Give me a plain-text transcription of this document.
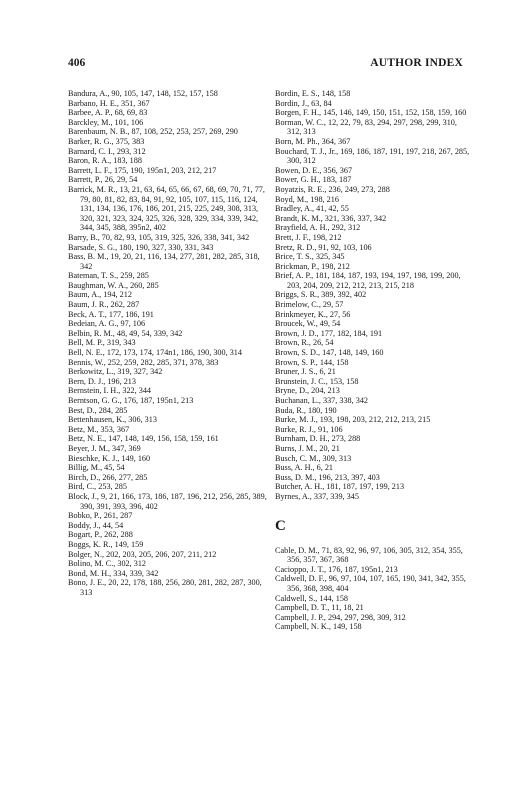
406	AUTHOR INDEX

Bandura, A., 90, 105, 147, 148, 152, 157, 158

Barbano, H. E., 351, 367

Barbee, A. P., 68, 69, 83

Barckley, M., 101, 106

Barenbaum, N. B., 87, 108, 252, 253, 257, 269, 290

Barker, R. G., 375, 383

Barnard, C. I., 293, 312

Baron, R. A., 183, 188

Barrett, L. F., 175, 190, 195n1, 203, 212, 217

Barrett, P., 26, 29, 54

Barrick, M. R., 13, 21, 63, 64, 65, 66, 67, 68, 69, 70, 71, 77, 79, 80, 81, 82, 83, 84, 91, 92, 105, 107, 115, 116, 124, 131, 134, 136, 176, 186, 201, 215, 225, 249, 308, 313, 320, 321, 323, 324, 325, 326, 328, 329, 334, 339, 342, 344, 345, 388, 395n2, 402

Barry, B., 70, 82, 93, 105, 319, 325, 326, 338, 341, 342

Barsade, S. G., 180, 190, 327, 330, 331, 343

Bass, B. M., 19, 20, 21, 116, 134, 277, 281, 282, 285, 318, 342

Bateman, T. S., 259, 285

Baughman, W. A., 260, 285

Baum, A., 194, 212

Baum, J. R., 262, 287

Beck, A. T., 177, 186, 191

Bedeian, A. G., 97, 106

Belbin, R. M., 48, 49, 54, 339, 342

Bell, M. P., 319, 343

Bell, N. E., 172, 173, 174, 174n1, 186, 190, 300, 314

Bennis, W., 252, 259, 282, 285, 371, 378, 383

Berkowitz, L., 319, 327, 342

Bern, D. J., 196, 213

Bernstein, I. H., 322, 344

Berntson, G. G., 176, 187, 195n1, 213

Best, D., 284, 285

Bettenhausen, K., 306, 313

Betz, M., 353, 367

Betz, N. E., 147, 148, 149, 156, 158, 159, 161

Beyer, J. M., 347, 369

Bieschke, K. J., 149, 160

Billig, M., 45, 54

Birch, D., 266, 277, 285

Bird, C., 253, 285

Block, J., 9, 21, 166, 173, 186, 187, 196, 212, 256, 285, 389, 390, 391, 393, 396, 402

Bobko, P., 261, 287

Boddy, J., 44, 54

Bogart, P., 262, 288

Boggs, K. R., 149, 159

Bolger, N., 202, 203, 205, 206, 207, 211, 212

Bolino, M. C., 302, 312

Bond, M. H., 334, 339, 342

Bono, J. E., 20, 22, 178, 188, 256, 280, 281, 282, 287, 300, 313

Bordin, E. S., 148, 158

Bordin, J., 63, 84

Borgen, F. H., 145, 146, 149, 150, 151, 152, 158, 159, 160

Borman, W. C., 12, 22, 79, 83, 294, 297, 298, 299, 310, 312, 313

Born, M. Ph., 364, 367

Bouchard, T. J., Jr., 169, 186, 187, 191, 197, 218, 267, 285, 300, 312

Bowen, D. E., 356, 367

Bower, G. H., 183, 187

Boyatzis, R. E., 236, 249, 273, 288

Boyd, M., 198, 216

Bradley, A., 41, 42, 55

Brandt, K. M., 321, 336, 337, 342

Brayfield, A. H., 292, 312

Brett, J. F., 198, 212

Bretz, R. D., 91, 92, 103, 106

Brice, T. S., 325, 345

Brickman, P., 198, 212

Brief, A. P., 181, 184, 187, 193, 194, 197, 198, 199, 200, 203, 204, 209, 212, 212, 213, 215, 218

Briggs, S. R., 389, 392, 402

Brimelow, C., 29, 57

Brinkmeyer, K., 27, 56

Broucek, W., 49, 54

Brown, J. D., 177, 182, 184, 191

Brown, R., 26, 54

Brown, S. D., 147, 148, 149, 160

Brown, S. P., 144, 158

Bruner, J. S., 6, 21

Brunstein, J. C., 153, 158

Bryne, D., 204, 213

Buchanan, L., 337, 338, 342

Buda, R., 180, 190

Burke, M. J., 193, 198, 203, 212, 212, 213, 215

Burke, R. J., 91, 106

Burnham, D. H., 273, 288

Burns, J. M., 20, 21

Busch, C. M., 309, 313

Buss, A. H., 6, 21

Buss, D. M., 196, 213, 397, 403

Butcher, A. H., 181, 187, 197, 199, 213

Byrnes, A., 337, 339, 345

C

Cable, D. M., 71, 83, 92, 96, 97, 106, 305, 312, 354, 355, 356, 357, 367, 368

Cacioppo, J. T., 176, 187, 195n1, 213

Caldwell, D. F., 96, 97, 104, 107, 165, 190, 341, 342, 355, 356, 368, 398, 404

Caldwell, S., 144, 158

Campbell, D. T., 11, 18, 21

Campbell, J. P., 294, 297, 298, 309, 312

Campbell, N. K., 149, 158
